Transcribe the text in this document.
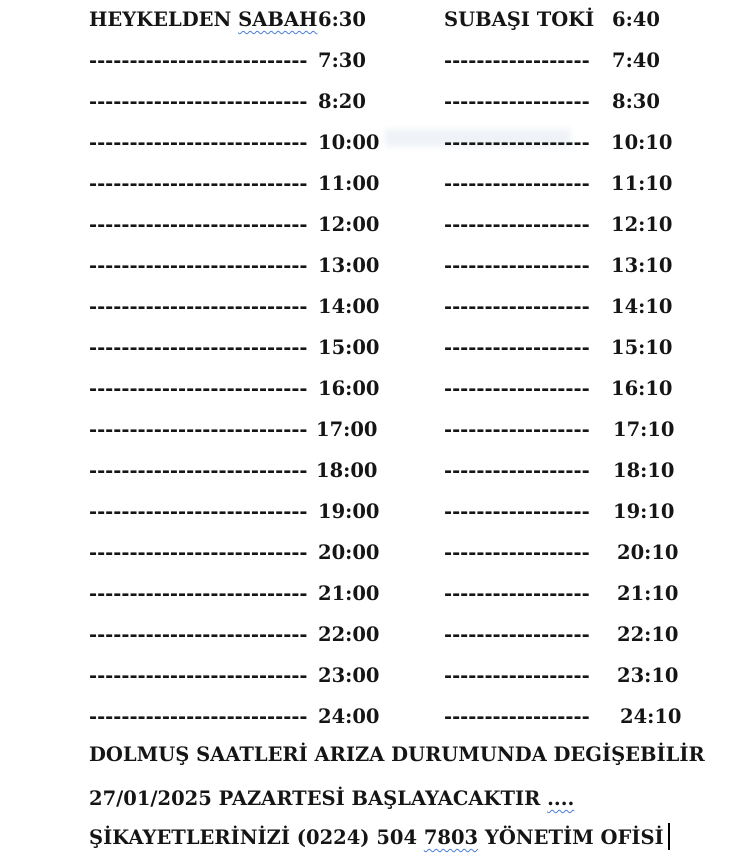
HEYKELDEN SABAH 6:30	SUBAŞI TOKİ 6:40
--------------------------- 7:30	------------------ 7:40
--------------------------- 8:20	------------------ 8:30
--------------------------- 10:00	------------------ 10:10
--------------------------- 11:00	------------------ 11:10
--------------------------- 12:00	------------------ 12:10
--------------------------- 13:00	------------------ 13:10
--------------------------- 14:00	------------------ 14:10
--------------------------- 15:00	------------------ 15:10
--------------------------- 16:00	------------------ 16:10
--------------------------- 17:00	------------------ 17:10
--------------------------- 18:00	------------------ 18:10
--------------------------- 19:00	------------------ 19:10
--------------------------- 20:00	------------------ 20:10
--------------------------- 21:00	------------------ 21:10
--------------------------- 22:00	------------------ 22:10
--------------------------- 23:00	------------------ 23:10
--------------------------- 24:00	------------------ 24:10
DOLMUŞ SAATLERİ ARIZA DURUMUNDA DEGİŞEBİLİR
27/01/2025 PAZARTESİ BAŞLAYACAKTIR ....
ŞİKAYETLERİNİZİ (0224) 504 7803 YÖNETİM OFİSİ
